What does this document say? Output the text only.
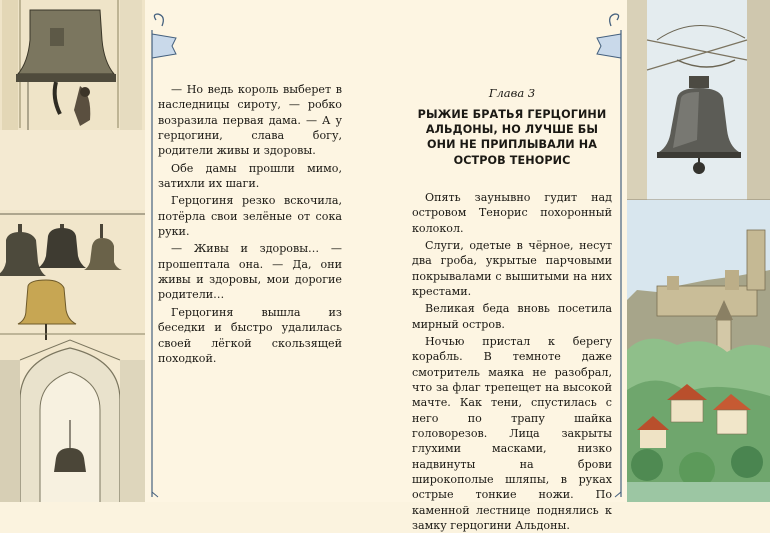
— Но ведь король выберет в наследницы сироту, — робко возразила первая дама. — А у герцогини, слава богу, родители живы и здоровы.

Обе дамы прошли мимо, затихли их шаги.

Герцогиня резко вскочила, потёрла свои зелёные от сока руки.

— Живы и здоровы… — прошептала она. — Да, они живы и здоровы, мои дорогие родители…

Герцогиня вышла из беседки и быстро удалилась своей лёгкой скользящей походкой.

Глава 3

РЫЖИЕ БРАТЬЯ ГЕРЦОГИНИ АЛЬДОНЫ, НО ЛУЧШЕ БЫ ОНИ НЕ ПРИПЛЫВАЛИ НА ОСТРОВ ТЕНОРИС

Опять заунывно гудит над островом Тенорис похоронный колокол.

Слуги, одетые в чёрное, несут два гроба, укрытые парчовыми покрывалами с вышитыми на них крестами.

Великая беда вновь посетила мирный остров.

Ночью пристал к берегу корабль. В темноте даже смотритель маяка не разобрал, что за флаг трепещет на высокой мачте. Как тени, спустилась с него по трапу шайка головорезов. Лица закрыты глухими масками, низко надвинуты на брови широкополые шляпы, в руках острые тонкие ножи. По каменной лестнице поднялись к замку герцогини Альдоны.
